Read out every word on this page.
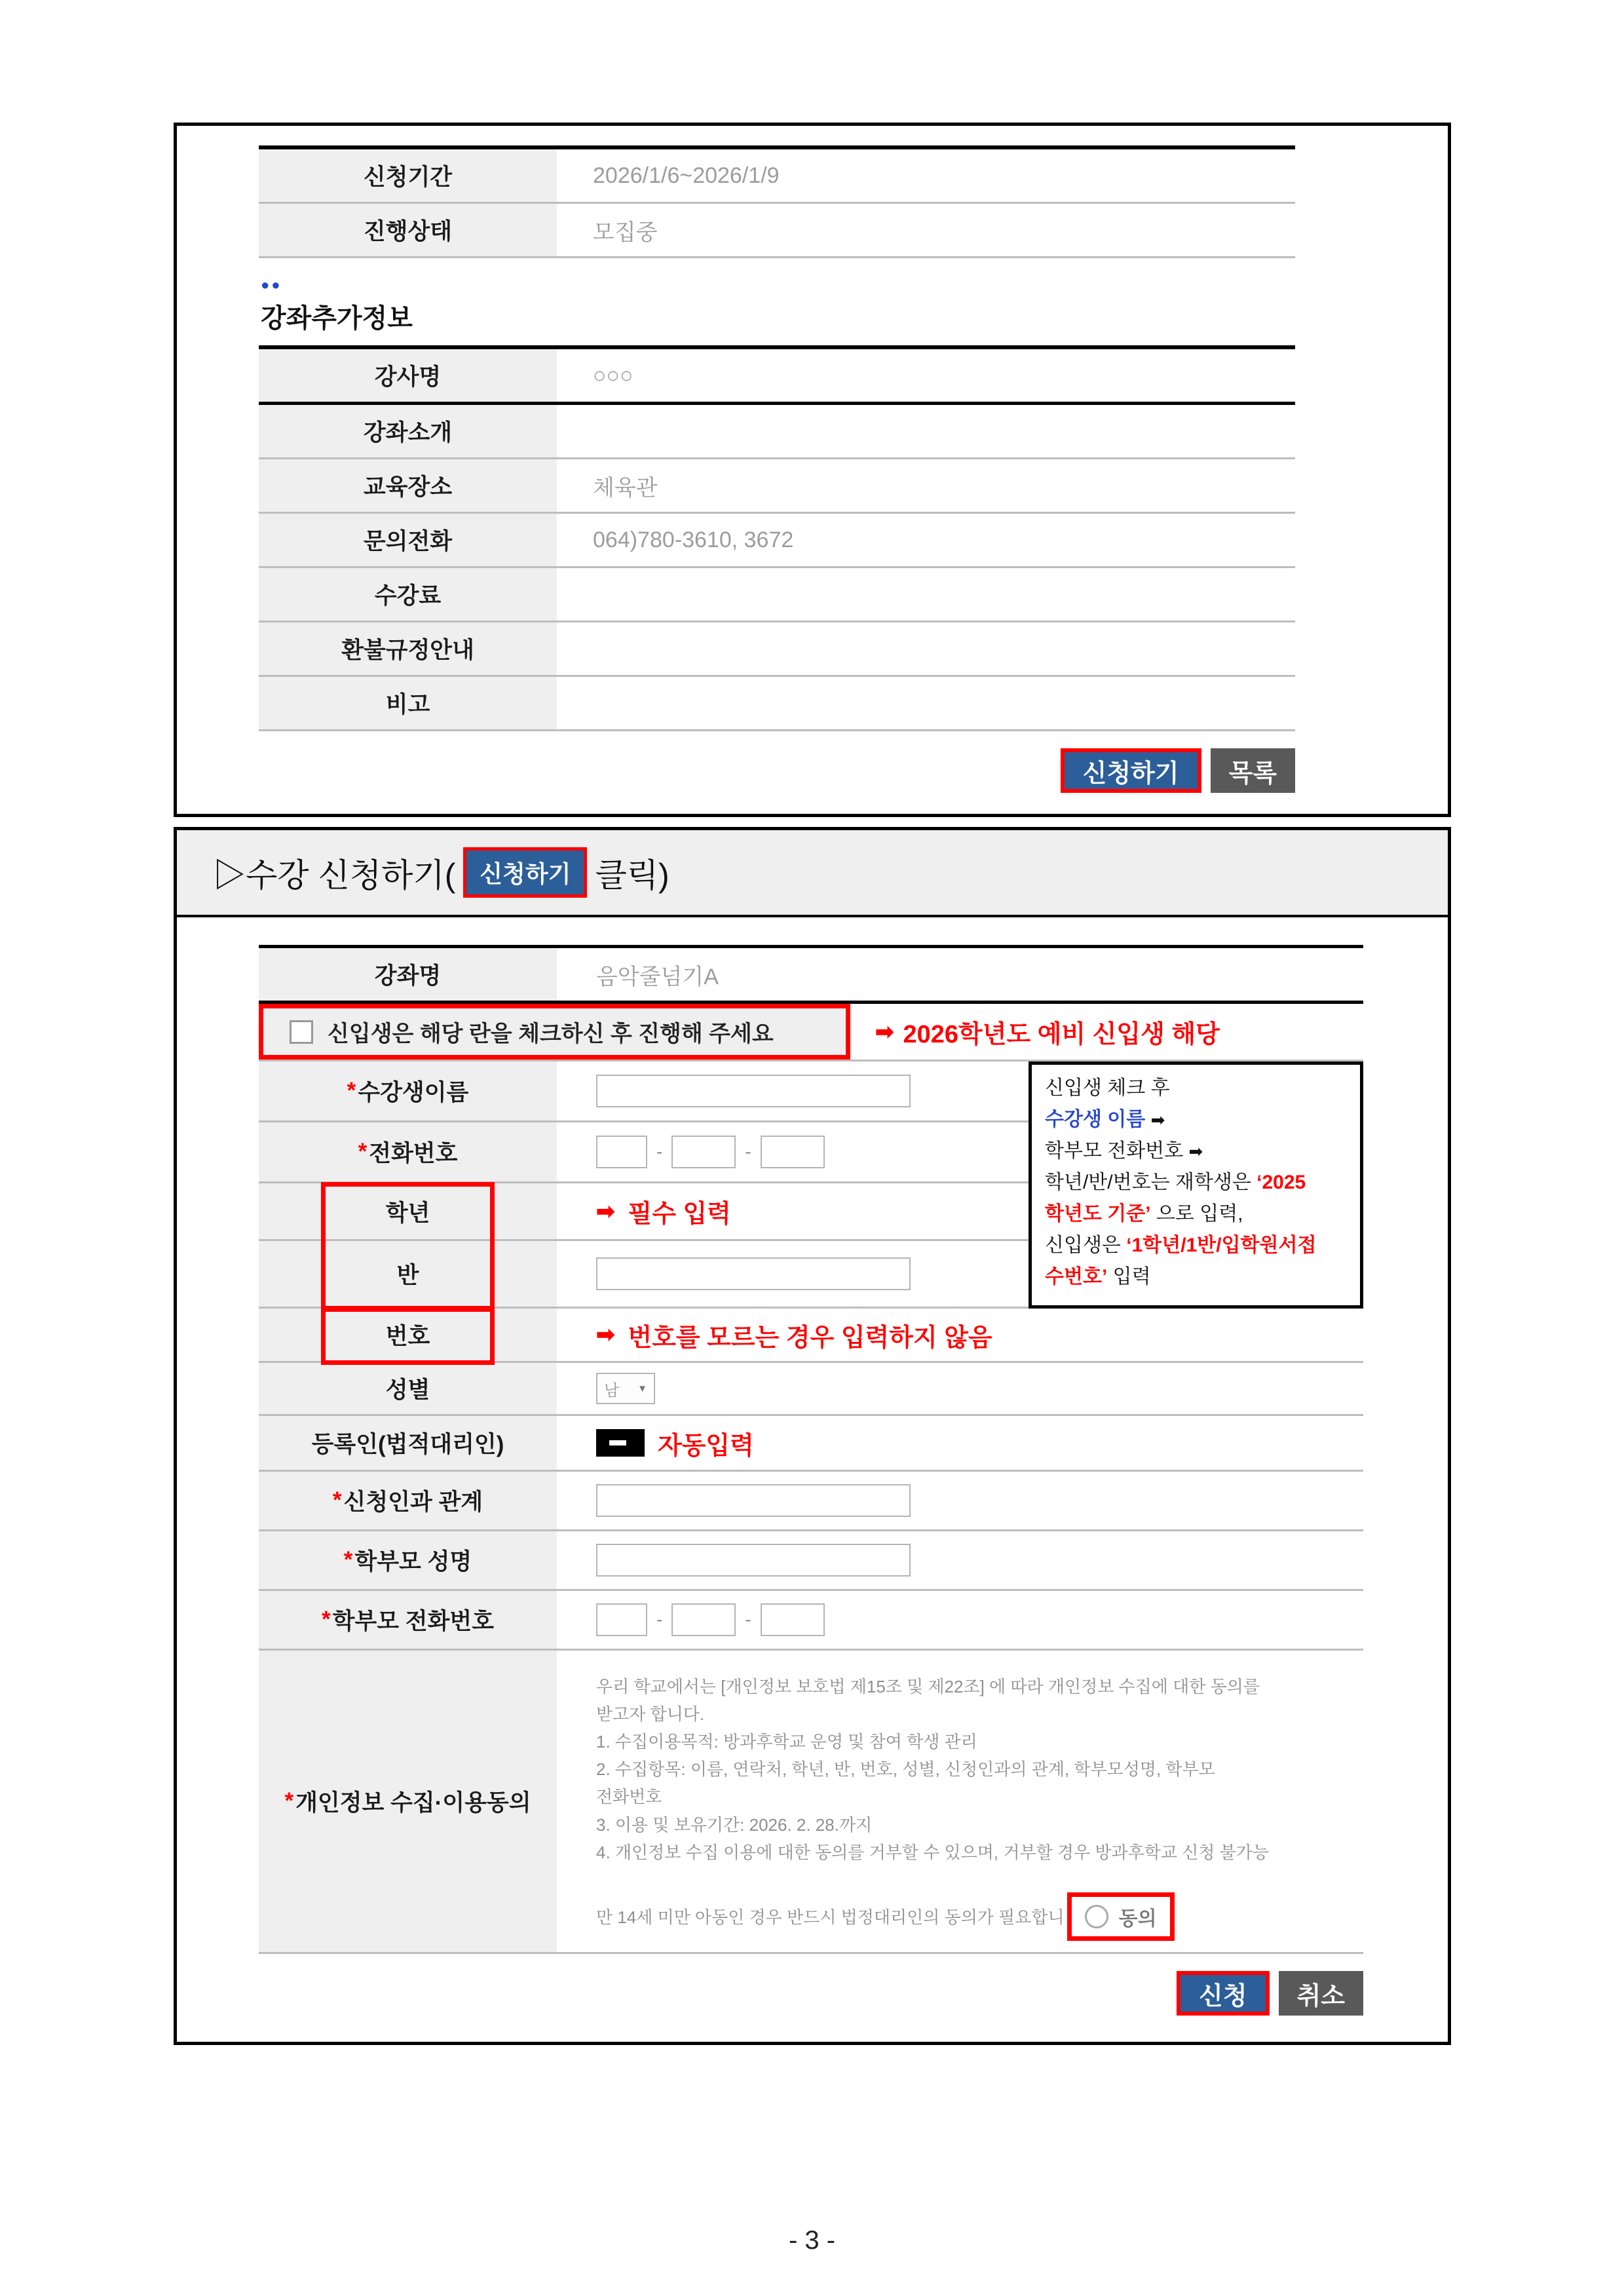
신청기간	2026/1/6~2026/1/9
진행상태	모집중
●●
강좌추가정보
강사명	○○○
강좌소개
교육장소	체육관
문의전화	064)780-3610, 3672
수강료
환불규정안내
비고
신청하기	목록
▷수강 신청하기(	신청하기 클릭)
강좌명	음악줄넘기A
신입생은 해당 란을 체크하신 후 진행해 주세요	➡ 2026학년도 예비 신입생 해당
* 수강생이름
* 전화번호	-	-
학년	➡ 필수 입력
반
번호	➡ 번호를 모르는 경우 입력하지 않음
성별	남 ▼
등록인(법적대리인)	자동입력
* 신청인과 관계
* 학부모 성명
* 학부모 전화번호	-	-
* 개인정보 수집·이용동의
우리 학교에서는 [개인정보 보호법 제15조 및 제22조] 에 따라 개인정보 수집에 대한 동의를
받고자 합니다.
1. 수집이용목적: 방과후학교 운영 및 참여 학생 관리
2. 수집항목: 이름, 연락처, 학년, 반, 번호, 성별, 신청인과의 관계, 학부모성명, 학부모
전화번호
3. 이용 및 보유기간: 2026. 2. 28.까지
4. 개인정보 수집 이용에 대한 동의를 거부할 수 있으며, 거부할 경우 방과후학교 신청 불가능
만 14세 미만 아동인 경우 반드시 법정대리인의 동의가 필요합니	동의
신입생 체크 후
수강생 이름 ➡
학부모 전화번호 ➡
학년/반/번호는 재학생은 ‘2025
학년도 기준’ 으로 입력,
신입생은 ‘1학년/1반/입학원서접
수번호’ 입력
신청	취소
- 3 -
